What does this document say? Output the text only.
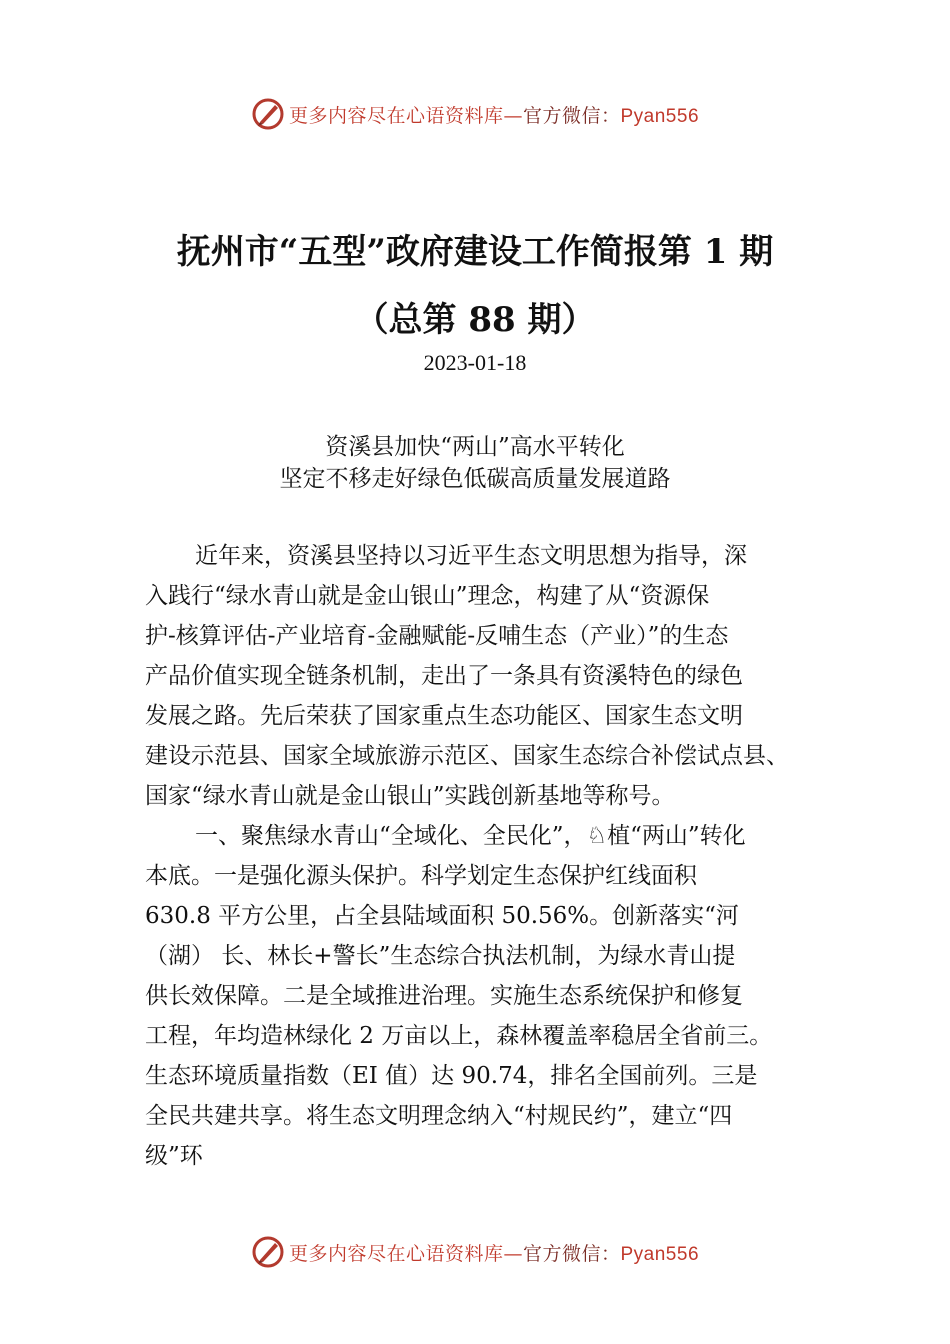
更多内容尽在心语资料库—官方微信：Pyan556
抚州市“五型”政府建设工作简报第 1 期
（总第 88 期）
2023-01-18
资溪县加快“两山”高水平转化
坚定不移走好绿色低碳高质量发展道路
近年来，资溪县坚持以习近平生态文明思想为指导，深
入践行“绿水青山就是金山银山”理念，构建了从“资源保
护-核算评估-产业培育-金融赋能-反哺生态（产业）”的生态
产品价值实现全链条机制，走出了一条具有资溪特色的绿色
发展之路。先后荣获了国家重点生态功能区、国家生态文明
建设示范县、国家全域旅游示范区、国家生态综合补偿试点县、
国家“绿水青山就是金山银山”实践创新基地等称号。
一、聚焦绿水青山“全域化、全民化”，♘植“两山”转化
本底。一是强化源头保护。科学划定生态保护红线面积
630.8 平方公里，占全县陆域面积 50.56%。创新落实“河
（湖） 长、林长+警长”生态综合执法机制，为绿水青山提
供长效保障。二是全域推进治理。实施生态系统保护和修复
工程，年均造林绿化 2 万亩以上，森林覆盖率稳居全省前三。
生态环境质量指数（EI 值）达 90.74，排名全国前列。三是
全民共建共享。将生态文明理念纳入“村规民约”，建立“四
级”环
更多内容尽在心语资料库—官方微信：Pyan556
